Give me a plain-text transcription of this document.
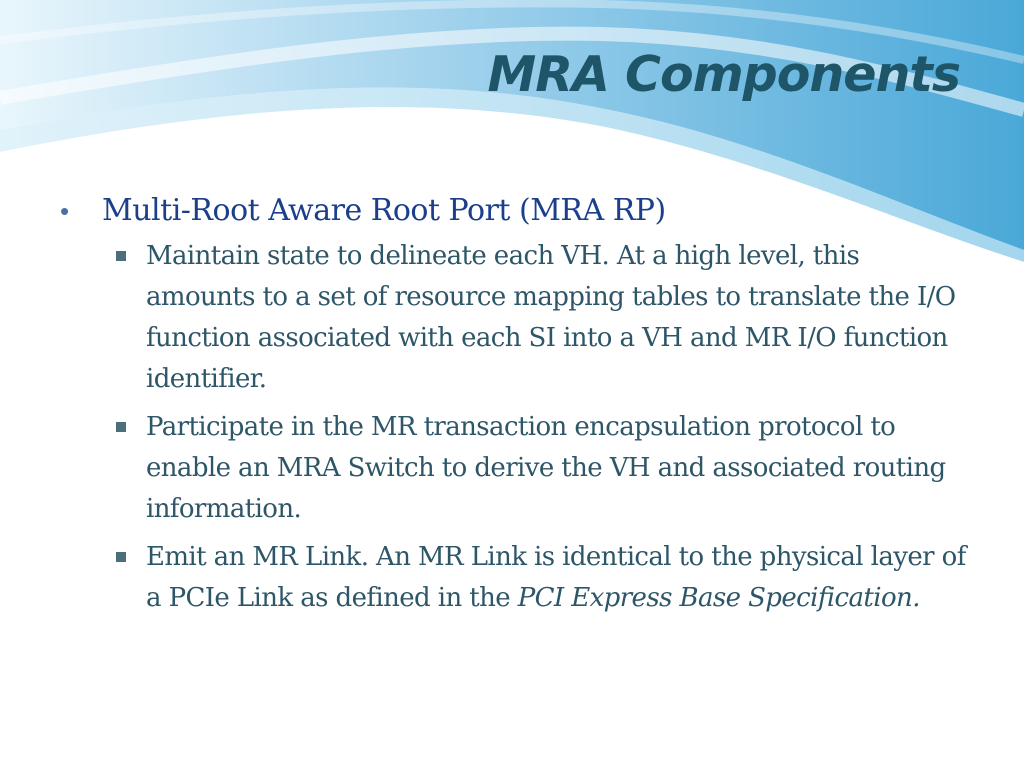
MRA Components
• Multi-Root Aware Root Port (MRA RP)
Maintain state to delineate each VH. At a high level, this amounts to a set of resource mapping tables to translate the I/O function associated with each SI into a VH and MR I/O function identifier.
Participate in the MR transaction encapsulation protocol to enable an MRA Switch to derive the VH and associated routing information.
Emit an MR Link. An MR Link is identical to the physical layer of a PCIe Link as defined in the PCI Express Base Specification.
